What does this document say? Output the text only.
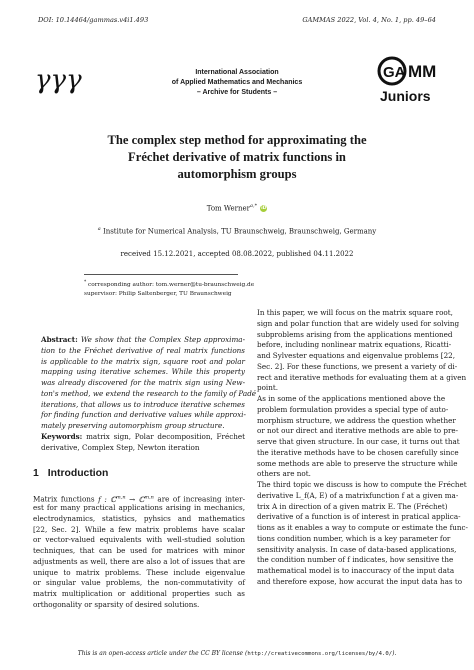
DOI: 10.14464/gammas.v4i1.493	GAMMAS 2022, Vol. 4, No. 1, pp. 49–64
γγγ	International Association
of Applied Mathematics and Mechanics
– Archive for Students –
GA MM
Juniors
The complex step method for approximating the
Fréchet derivative of matrix functions in
automorphism groups
Tom Werner$^{a,*}$ iD
$^a$ Institute for Numerical Analysis, TU Braunschweig, Braunschweig, Germany
received 15.12.2021, accepted 08.08.2022, published 04.11.2022
* corresponding author: tom.werner@tu-braunschweig.de
supervisor: Philip Saltenberger, TU Braunschweig
Abstract: We show that the Complex Step approxima-
tion to the Fréchet derivative of real matrix functions
is applicable to the matrix sign, square root and polar
mapping using iterative schemes. While this property
was already discovered for the matrix sign using New-
ton's method, we extend the research to the family of Padé
iterations, that allows us to introduce iterative schemes
for finding function and derivative values while approxi-
mately preserving automorphism group structure.
Keywords: matrix sign, Polar decomposition, Fréchet
derivative, Complex Step, Newton iteration
1 Introduction
Matrix functions f : ℂ$^{m,n}$ → ℂ$^{m,n}$ are of increasing inter-
est for many practical applications arising in mechanics,
electrodynamics, statistics, pyhsics and mathematics
[22, Sec. 2]. While a few matrix problems have scalar
or vector-valued equivalents with well-studied solution
techniques, that can be used for matrices with minor
adjustments as well, there are also a lot of issues that are
unique to matrix problems. These include eigenvalue
or singular value problems, the non-commutativity of
matrix multiplication or additional properties such as
orthogonality or sparsity of desired solutions.
In this paper, we will focus on the matrix square root,
sign and polar function that are widely used for solving
subproblems arising from the applications mentioned
before, including nonlinear matrix equations, Ricatti-
and Sylvester equations and eigenvalue problems [22,
Sec. 2]. For these functions, we present a variety of di-
rect and iterative methods for evaluating them at a given
point.
As in some of the applications mentioned above the
problem formulation provides a special type of auto-
morphism structure, we address the question whether
or not our direct and iterative methods are able to pre-
serve that given structure. In our case, it turns out that
the iterative methods have to be chosen carefully since
some methods are able to preserve the structure while
others are not.
The third topic we discuss is how to compute the Fréchet
derivative L_f(A, E) of a matrixfunction f at a given ma-
trix A in direction of a given matrix E. The (Fréchet)
derivative of a function is of interest in pratical applica-
tions as it enables a way to compute or estimate the func-
tions condition number, which is a key parameter for
sensitivity analysis. In case of data-based applications,
the condition number of f indicates, how sensitive the
mathematical model is to inaccuracy of the input data
and therefore expose, how accurat the input data has to
This is an open-access article under the CC BY license (http://creativecommons.org/licenses/by/4.0/).
